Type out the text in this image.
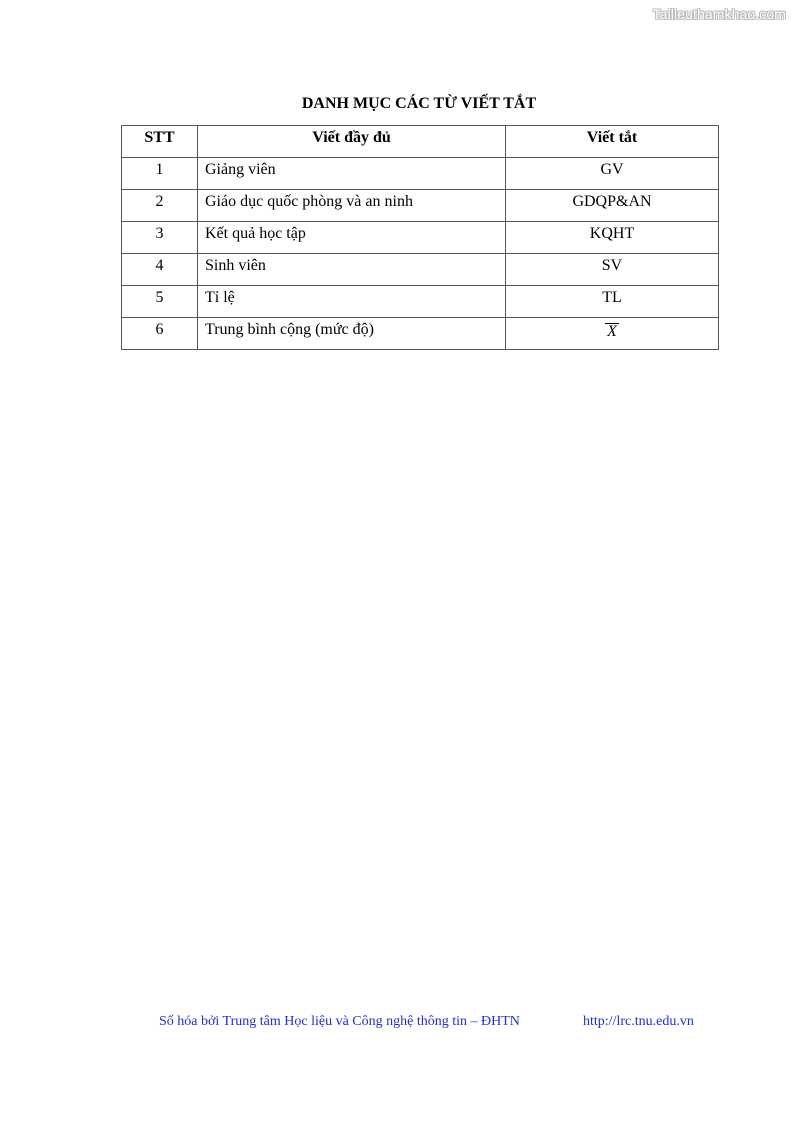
Tailieuthamkhao.com
DANH MỤC CÁC TỪ VIẾT TẮT
STT	Viết đầy đủ	Viết tắt
1	Giảng viên	GV
2	Giáo dục quốc phòng và an ninh	GDQP&AN
3	Kết quả học tập	KQHT
4	Sinh viên	SV
5	Tỉ lệ	TL
6	Trung bình cộng (mức độ)	X
Số hóa bởi Trung tâm Học liệu và Công nghệ thông tin – ĐHTN	http://lrc.tnu.edu.vn
